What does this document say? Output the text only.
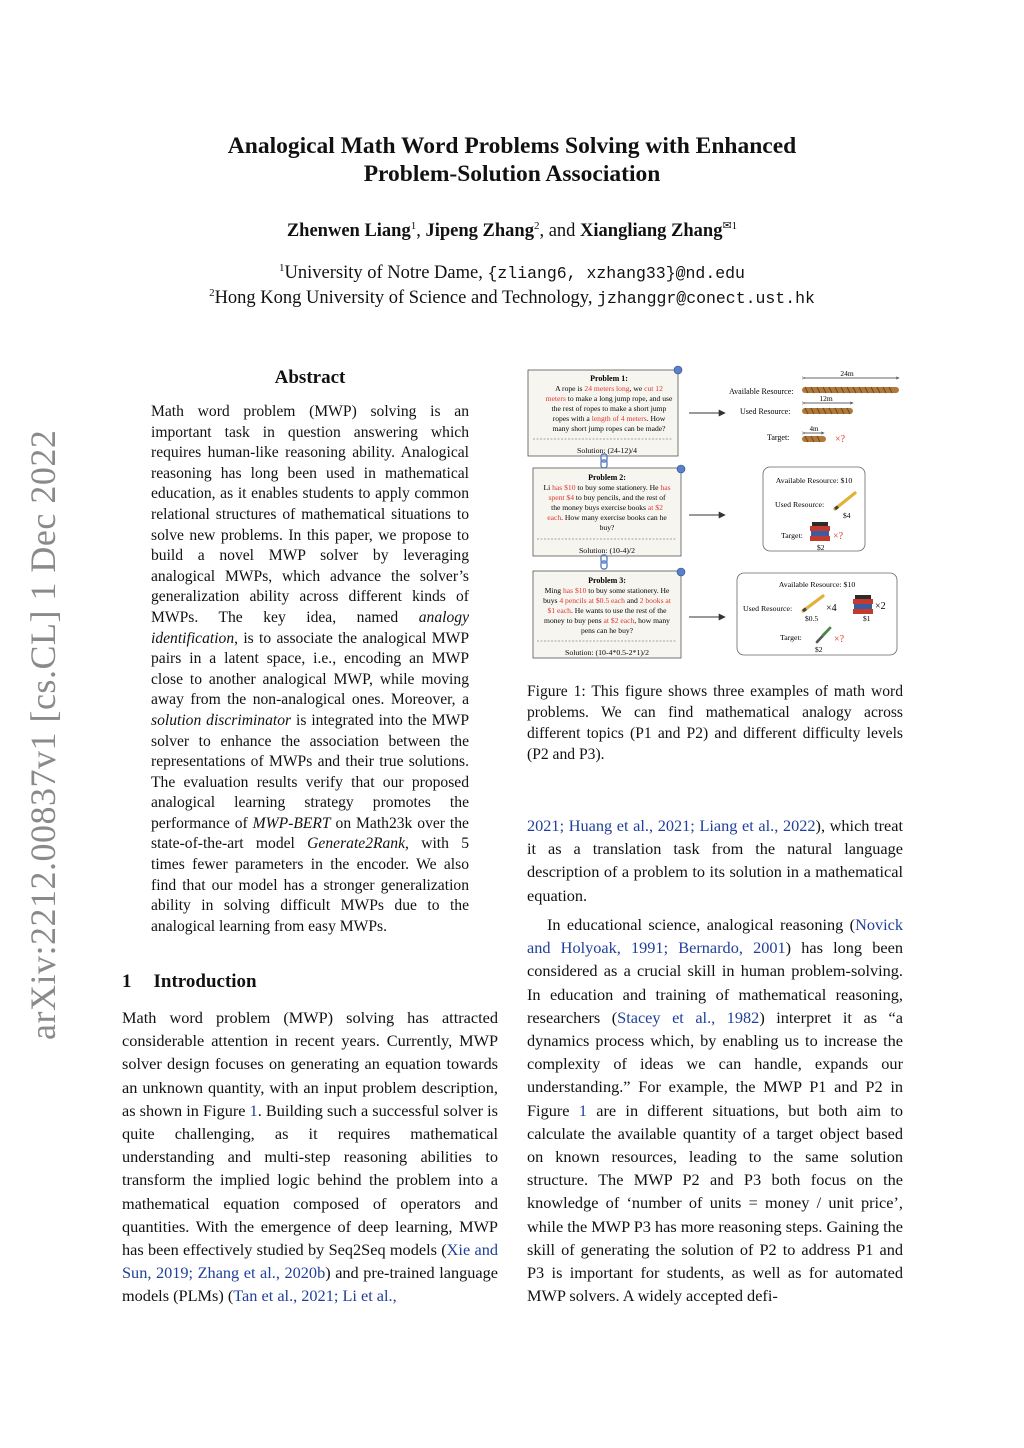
arXiv:2212.00837v1 [cs.CL] 1 Dec 2022
Analogical Math Word Problems Solving with Enhanced
Problem-Solution Association
Zhenwen Liang$^1$, Jipeng Zhang$^2$, and Xiangliang Zhang$^{✉1}$
$^1$University of Notre Dame, {zliang6, xzhang33}@nd.edu
$^2$Hong Kong University of Science and Technology, jzhanggr@conect.ust.hk
Abstract
Math word problem (MWP) solving is an important task in question answering which requires human-like reasoning ability. Analogical reasoning has long been used in mathematical education, as it enables students to apply common relational structures of mathematical situations to solve new problems. In this paper, we propose to build a novel MWP solver by leveraging analogical MWPs, which advance the solver’s generalization ability across different kinds of MWPs. The key idea, named analogy identification, is to associate the analogical MWP pairs in a latent space, i.e., encoding an MWP close to another analogical MWP, while moving away from the non-analogical ones. Moreover, a solution discriminator is integrated into the MWP solver to enhance the association between the representations of MWPs and their true solutions. The evaluation results verify that our proposed analogical learning strategy promotes the performance of MWP-BERT on Math23k over the state-of-the-art model Generate2Rank, with 5 times fewer parameters in the encoder. We also find that our model has a stronger generalization ability in solving difficult MWPs due to the analogical learning from easy MWPs.
1 Introduction
Math word problem (MWP) solving has attracted considerable attention in recent years. Currently, MWP solver design focuses on generating an equation towards an unknown quantity, with an input problem description, as shown in Figure 1. Building such a successful solver is quite challenging, as it requires mathematical understanding and multi-step reasoning abilities to transform the implied logic behind the problem into a mathematical equation composed of operators and quantities. With the emergence of deep learning, MWP has been effectively studied by Seq2Seq models (Xie and Sun, 2019; Zhang et al., 2020b) and pre-trained language models (PLMs) (Tan et al., 2021; Li et al.,
2021; Huang et al., 2021; Liang et al., 2022), which treat it as a translation task from the natural language description of a problem to its solution in a mathematical equation.
In educational science, analogical reasoning (Novick and Holyoak, 1991; Bernardo, 2001) has long been considered as a crucial skill in human problem-solving. In education and training of mathematical reasoning, researchers (Stacey et al., 1982) interpret it as “a dynamics process which, by enabling us to increase the complexity of ideas we can handle, expands our understanding.” For example, the MWP P1 and P2 in Figure 1 are in different situations, but both aim to calculate the available quantity of a target object based on known resources, leading to the same solution structure. The MWP P2 and P3 both focus on the knowledge of ‘number of units = money / unit price’, while the MWP P3 has more reasoning steps. Gaining the skill of generating the solution of P2 to address P1 and P3 is important for students, as well as for automated MWP solvers. A widely accepted defi-
Problem 1:
A rope is 24 meters long, we cut 12
meters to make a long jump rope, and use
the rest of ropes to make a short jump
ropes with a length of 4 meters. How
many short jump ropes can be made?
Solution: (24-12)/4
Problem 2:
Li has $10 to buy some stationery. He has
spent $4 to buy pencils, and the rest of
the money buys exercise books at $2
each. How many exercise books can he
buy?
Solution: (10-4)/2
Problem 3:
Ming has $10 to buy some stationery. He
buys 4 pencils at $0.5 each and 2 books at
$1 each. He wants to use the rest of the
money to buy pens at $2 each, how many
pens can he buy?
Solution: (10-4*0.5-2*1)/2
24m
Available Resource:
12m
Used Resource:
4m
Target:	×?
Available Resource: $10
Used Resource:
$4
Target:	×?
$2
Available Resource: $10
Used Resource:	×4
$0.5
×2
$1
Target:	×?
$2
Figure 1: This figure shows three examples of math word problems. We can find mathematical analogy across different topics (P1 and P2) and different difficulty levels (P2 and P3).
